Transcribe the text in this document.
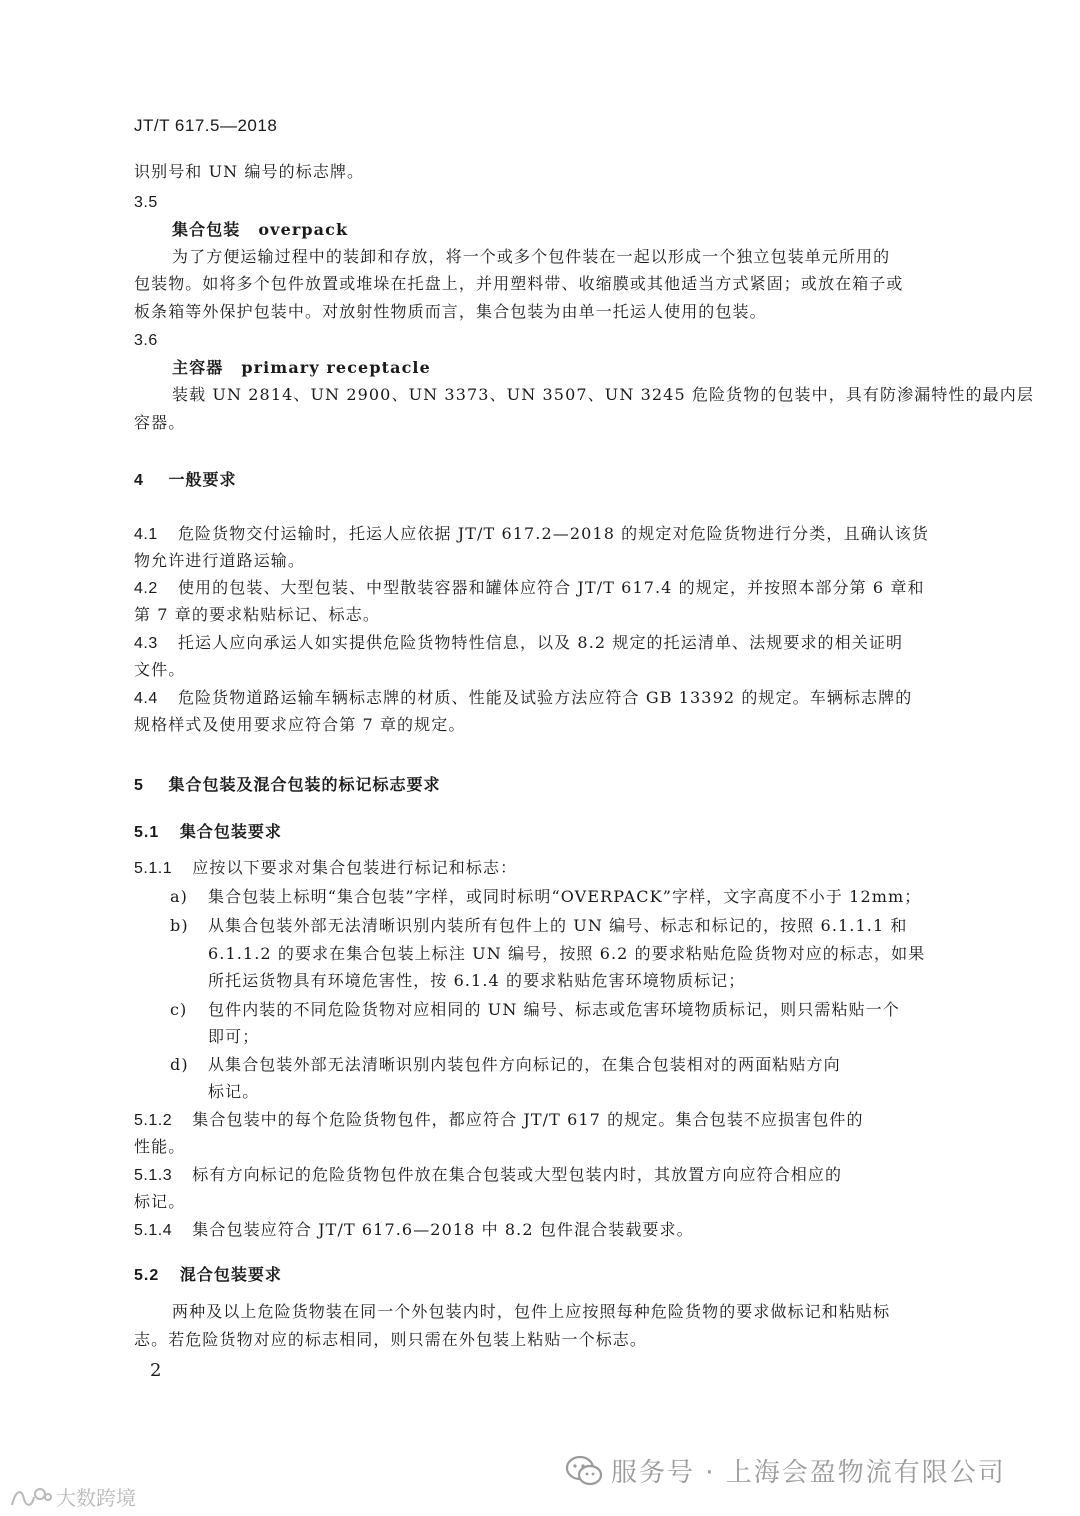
JT/T 617.5—2018
识别号和 UN 编号的标志牌。
3.5
集合包装 overpack
为了方便运输过程中的装卸和存放，将一个或多个包件装在一起以形成一个独立包装单元所用的
包装物。如将多个包件放置或堆垛在托盘上，并用塑料带、收缩膜或其他适当方式紧固；或放在箱子或
板条箱等外保护包装中。对放射性物质而言，集合包装为由单一托运人使用的包装。
3.6
主容器 primary receptacle
装载 UN 2814、UN 2900、UN 3373、UN 3507、UN 3245 危险货物的包装中，具有防渗漏特性的最内层
容器。
4 一般要求
4.1 危险货物交付运输时，托运人应依据 JT/T 617.2—2018 的规定对危险货物进行分类，且确认该货
物允许进行道路运输。
4.2 使用的包装、大型包装、中型散装容器和罐体应符合 JT/T 617.4 的规定，并按照本部分第 6 章和
第 7 章的要求粘贴标记、标志。
4.3 托运人应向承运人如实提供危险货物特性信息，以及 8.2 规定的托运清单、法规要求的相关证明
文件。
4.4 危险货物道路运输车辆标志牌的材质、性能及试验方法应符合 GB 13392 的规定。车辆标志牌的
规格样式及使用要求应符合第 7 章的规定。
5 集合包装及混合包装的标记标志要求
5.1 集合包装要求
5.1.1 应按以下要求对集合包装进行标记和标志：
a) 集合包装上标明“集合包装”字样，或同时标明“OVERPACK”字样，文字高度不小于 12mm；
b) 从集合包装外部无法清晰识别内装所有包件上的 UN 编号、标志和标记的，按照 6.1.1.1 和
6.1.1.2 的要求在集合包装上标注 UN 编号，按照 6.2 的要求粘贴危险货物对应的标志，如果
所托运货物具有环境危害性，按 6.1.4 的要求粘贴危害环境物质标记；
c) 包件内装的不同危险货物对应相同的 UN 编号、标志或危害环境物质标记，则只需粘贴一个
即可；
d) 从集合包装外部无法清晰识别内装包件方向标记的，在集合包装相对的两面粘贴方向
标记。
5.1.2 集合包装中的每个危险货物包件，都应符合 JT/T 617 的规定。集合包装不应损害包件的
性能。
5.1.3 标有方向标记的危险货物包件放在集合包装或大型包装内时，其放置方向应符合相应的
标记。
5.1.4 集合包装应符合 JT/T 617.6—2018 中 8.2 包件混合装载要求。
5.2 混合包装要求
两种及以上危险货物装在同一个外包装内时，包件上应按照每种危险货物的要求做标记和粘贴标
志。若危险货物对应的标志相同，则只需在外包装上粘贴一个标志。
2
服务号 · 上海会盈物流有限公司
大数跨境
